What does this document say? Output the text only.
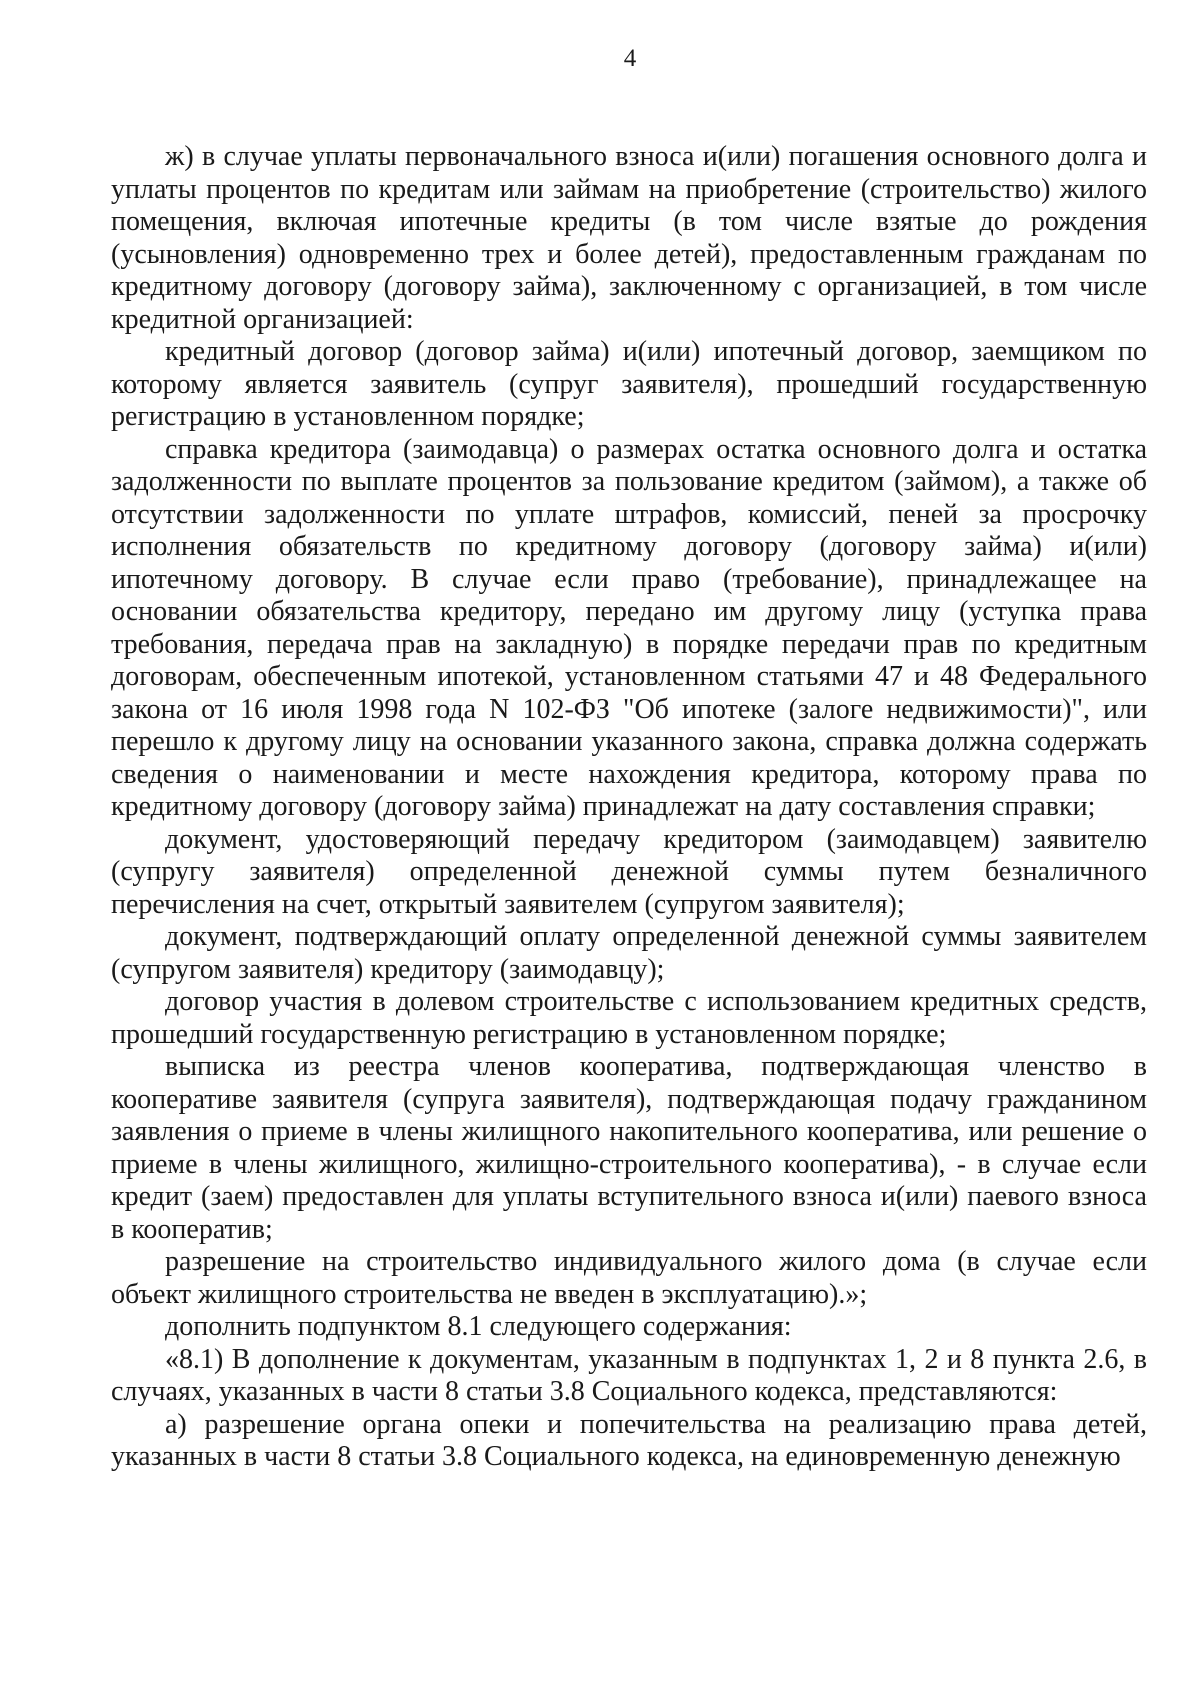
4

ж) в случае уплаты первоначального взноса и(или) погашения основного долга и уплаты процентов по кредитам или займам на приобретение (строительство) жилого помещения, включая ипотечные кредиты (в том числе взятые до рождения (усыновления) одновременно трех и более детей), предоставленным гражданам по кредитному договору (договору займа), заключенному с организацией, в том числе кредитной организацией:

кредитный договор (договор займа) и(или) ипотечный договор, заемщиком по которому является заявитель (супруг заявителя), прошедший государственную регистрацию в установленном порядке;

справка кредитора (заимодавца) о размерах остатка основного долга и остатка задолженности по выплате процентов за пользование кредитом (займом), а также об отсутствии задолженности по уплате штрафов, комиссий, пеней за просрочку исполнения обязательств по кредитному договору (договору займа) и(или) ипотечному договору. В случае если право (требование), принадлежащее на основании обязательства кредитору, передано им другому лицу (уступка права требования, передача прав на закладную) в порядке передачи прав по кредитным договорам, обеспеченным ипотекой, установленном статьями 47 и 48 Федерального закона от 16 июля 1998 года N 102-ФЗ "Об ипотеке (залоге недвижимости)", или перешло к другому лицу на основании указанного закона, справка должна содержать сведения о наименовании и месте нахождения кредитора, которому права по кредитному договору (договору займа) принадлежат на дату составления справки;

документ, удостоверяющий передачу кредитором (заимодавцем) заявителю (супругу заявителя) определенной денежной суммы путем безналичного перечисления на счет, открытый заявителем (супругом заявителя);

документ, подтверждающий оплату определенной денежной суммы заявителем (супругом заявителя) кредитору (заимодавцу);

договор участия в долевом строительстве с использованием кредитных средств, прошедший государственную регистрацию в установленном порядке;

выписка из реестра членов кооператива, подтверждающая членство в кооперативе заявителя (супруга заявителя), подтверждающая подачу гражданином заявления о приеме в члены жилищного накопительного кооператива, или решение о приеме в члены жилищного, жилищно-строительного кооператива), - в случае если кредит (заем) предоставлен для уплаты вступительного взноса и(или) паевого взноса в кооператив;

разрешение на строительство индивидуального жилого дома (в случае если объект жилищного строительства не введен в эксплуатацию).»;

дополнить подпунктом 8.1 следующего содержания:

«8.1) В дополнение к документам, указанным в подпунктах 1, 2 и 8 пункта 2.6, в случаях, указанных в части 8 статьи 3.8 Социального кодекса, представляются:

а) разрешение органа опеки и попечительства на реализацию права детей, указанных в части 8 статьи 3.8 Социального кодекса, на единовременную денежную
